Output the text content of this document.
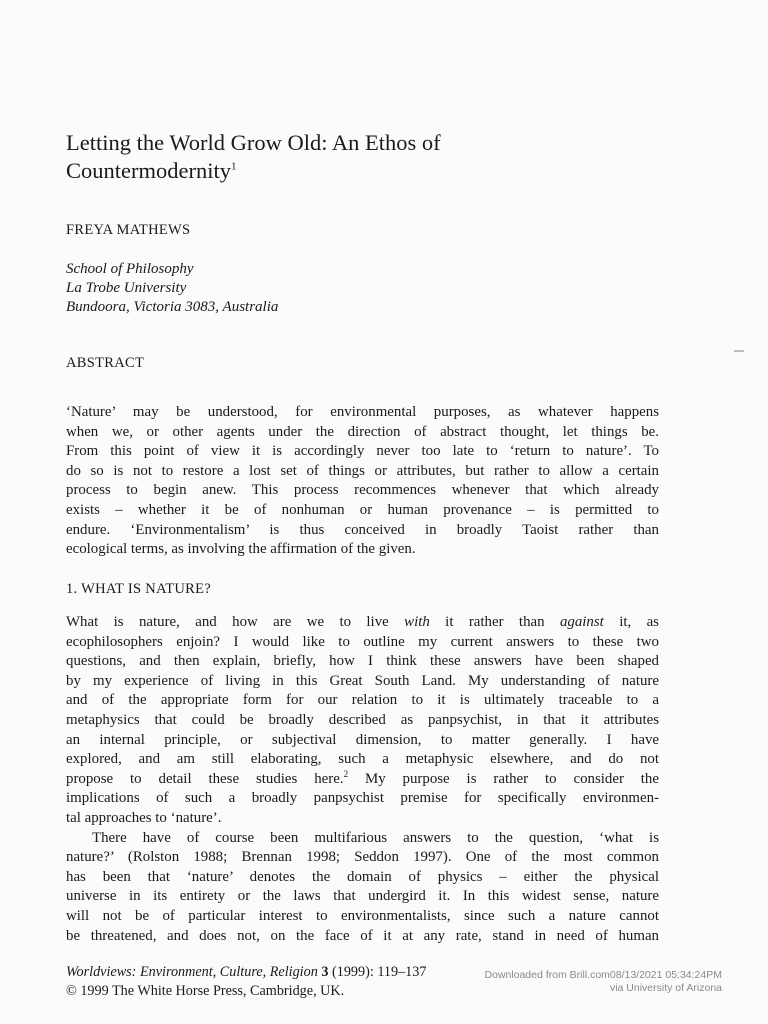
Letting the World Grow Old: An Ethos of
Countermodernity$^1$
FREYA MATHEWS
School of Philosophy
La Trobe University
Bundoora, Victoria 3083, Australia
ABSTRACT
‘Nature’ may be understood, for environmental purposes, as whatever happens
when we, or other agents under the direction of abstract thought, let things be.
From this point of view it is accordingly never too late to ‘return to nature’. To
do so is not to restore a lost set of things or attributes, but rather to allow a certain
process to begin anew. This process recommences whenever that which already
exists – whether it be of nonhuman or human provenance – is permitted to
endure. ‘Environmentalism’ is thus conceived in broadly Taoist rather than
ecological terms, as involving the affirmation of the given.
1. WHAT IS NATURE?
What is nature, and how are we to live with it rather than against it, as
ecophilosophers enjoin? I would like to outline my current answers to these two
questions, and then explain, briefly, how I think these answers have been shaped
by my experience of living in this Great South Land. My understanding of nature
and of the appropriate form for our relation to it is ultimately traceable to a
metaphysics that could be broadly described as panpsychist, in that it attributes
an internal principle, or subjectival dimension, to matter generally. I have
explored, and am still elaborating, such a metaphysic elsewhere, and do not
propose to detail these studies here.$^2$ My purpose is rather to consider the
implications of such a broadly panpsychist premise for specifically environmen-
tal approaches to ‘nature’.
There have of course been multifarious answers to the question, ‘what is
nature?’ (Rolston 1988; Brennan 1998; Seddon 1997). One of the most common
has been that ‘nature’ denotes the domain of physics – either the physical
universe in its entirety or the laws that undergird it. In this widest sense, nature
will not be of particular interest to environmentalists, since such a nature cannot
be threatened, and does not, on the face of it at any rate, stand in need of human
Worldviews: Environment, Culture, Religion 3 (1999): 119–137
© 1999 The White Horse Press, Cambridge, UK.
Downloaded from Brill.com08/13/2021 05:34:24PM
via University of Arizona
